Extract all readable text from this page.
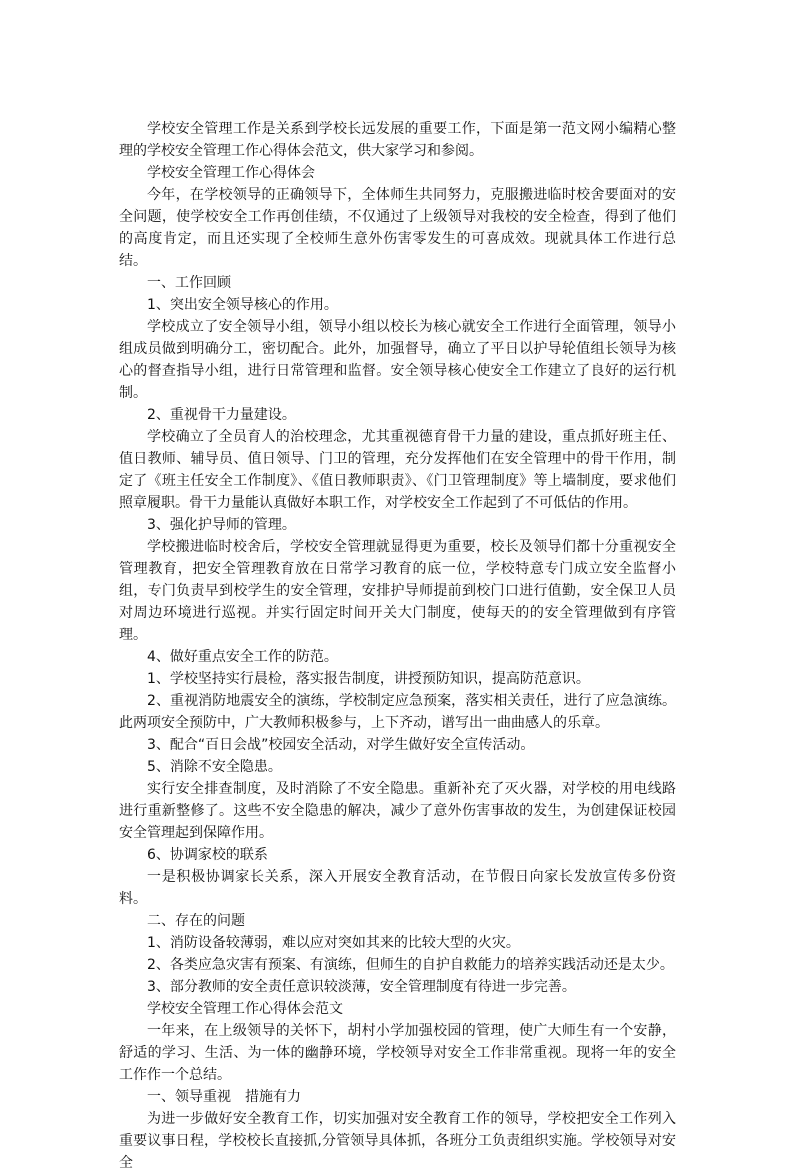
学校安全管理工作是关系到学校长远发展的重要工作，下面是第一范文网小编精心整理的学校安全管理工作心得体会范文，供大家学习和参阅。

学校安全管理工作心得体会

今年，在学校领导的正确领导下，全体师生共同努力，克服搬进临时校舍要面对的安全问题，使学校安全工作再创佳绩，不仅通过了上级领导对我校的安全检查，得到了他们的高度肯定，而且还实现了全校师生意外伤害零发生的可喜成效。现就具体工作进行总结。

一、工作回顾

1、突出安全领导核心的作用。

学校成立了安全领导小组，领导小组以校长为核心就安全工作进行全面管理，领导小组成员做到明确分工，密切配合。此外，加强督导，确立了平日以护导轮值组长领导为核心的督查指导小组，进行日常管理和监督。安全领导核心使安全工作建立了良好的运行机制。

2、重视骨干力量建设。

学校确立了全员育人的治校理念，尤其重视德育骨干力量的建设，重点抓好班主任、值日教师、辅导员、值日领导、门卫的管理，充分发挥他们在安全管理中的骨干作用，制定了《班主任安全工作制度》、《值日教师职责》、《门卫管理制度》等上墙制度，要求他们照章履职。骨干力量能认真做好本职工作，对学校安全工作起到了不可低估的作用。

3、强化护导师的管理。

学校搬进临时校舍后，学校安全管理就显得更为重要，校长及领导们都十分重视安全管理教育，把安全管理教育放在日常学习教育的底一位，学校特意专门成立安全监督小组，专门负责早到校学生的安全管理，安排护导师提前到校门口进行值勤，安全保卫人员对周边环境进行巡视。并实行固定时间开关大门制度，使每天的的安全管理做到有序管理。

4、做好重点安全工作的防范。

1、学校坚持实行晨检，落实报告制度，讲授预防知识，提高防范意识。

2、重视消防地震安全的演练，学校制定应急预案，落实相关责任，进行了应急演练。此两项安全预防中，广大教师积极参与，上下齐动，谱写出一曲曲感人的乐章。

3、配合“百日会战”校园安全活动，对学生做好安全宣传活动。

5、消除不安全隐患。

实行安全排查制度，及时消除了不安全隐患。重新补充了灭火器，对学校的用电线路进行重新整修了。这些不安全隐患的解决，减少了意外伤害事故的发生，为创建保证校园安全管理起到保障作用。

6、协调家校的联系

一是积极协调家长关系，深入开展安全教育活动，在节假日向家长发放宣传多份资料。

二、存在的问题

1、消防设备较薄弱，难以应对突如其来的比较大型的火灾。

2、各类应急灾害有预案、有演练，但师生的自护自救能力的培养实践活动还是太少。

3、部分教师的安全责任意识较淡薄，安全管理制度有待进一步完善。

学校安全管理工作心得体会范文

一年来，在上级领导的关怀下，胡村小学加强校园的管理，使广大师生有一个安静，舒适的学习、生活、为一体的幽静环境，学校领导对安全工作非常重视。现将一年的安全工作作一个总结。

一、领导重视　措施有力

为进一步做好安全教育工作，切实加强对安全教育工作的领导，学校把安全工作列入重要议事日程，学校校长直接抓,分管领导具体抓，各班分工负责组织实施。学校领导对安全
